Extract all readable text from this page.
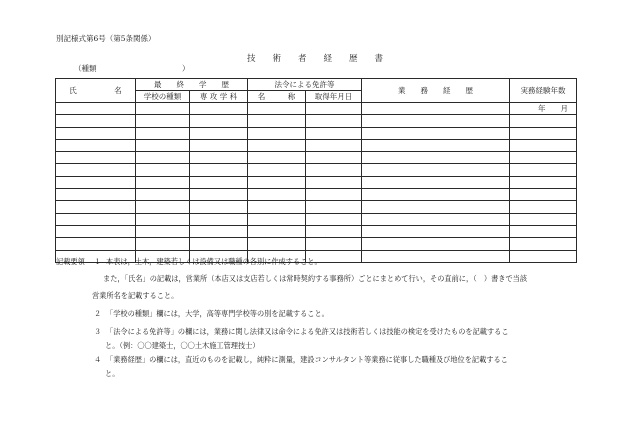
別記様式第6号（第5条関係）
技　　術　　者　　経　　歴　　書
（種類	）
氏　　　　　名	最　　終　　学　　歴		法令による免許等		業　　務　　経　　歴	実務経験年数
	学校の種類	専 攻 学 科	名　　　称	取得年月日		
						年　　月

記載要領 １ 本表は，土木，建築若しくは設備又は職種の各別に作成すること。
また，「氏名」の記載は，営業所（本店又は支店若しくは常時契約する事務所）ごとにまとめて行い，その直前に，（　）書きで当該
営業所名を記載すること。
２ 「学校の種類」欄には，大学，高等専門学校等の別を記載すること。
３ 「法令による免許等」の欄には，業務に関し法律又は命令による免許又は技術若しくは技能の検定を受けたものを記載するこ
と。（例：〇〇建築士，〇〇土木施工管理技士）
４ 「業務経歴」の欄には，直近のものを記載し，純粋に測量，建設コンサルタント等業務に従事した職種及び地位を記載するこ
と。
